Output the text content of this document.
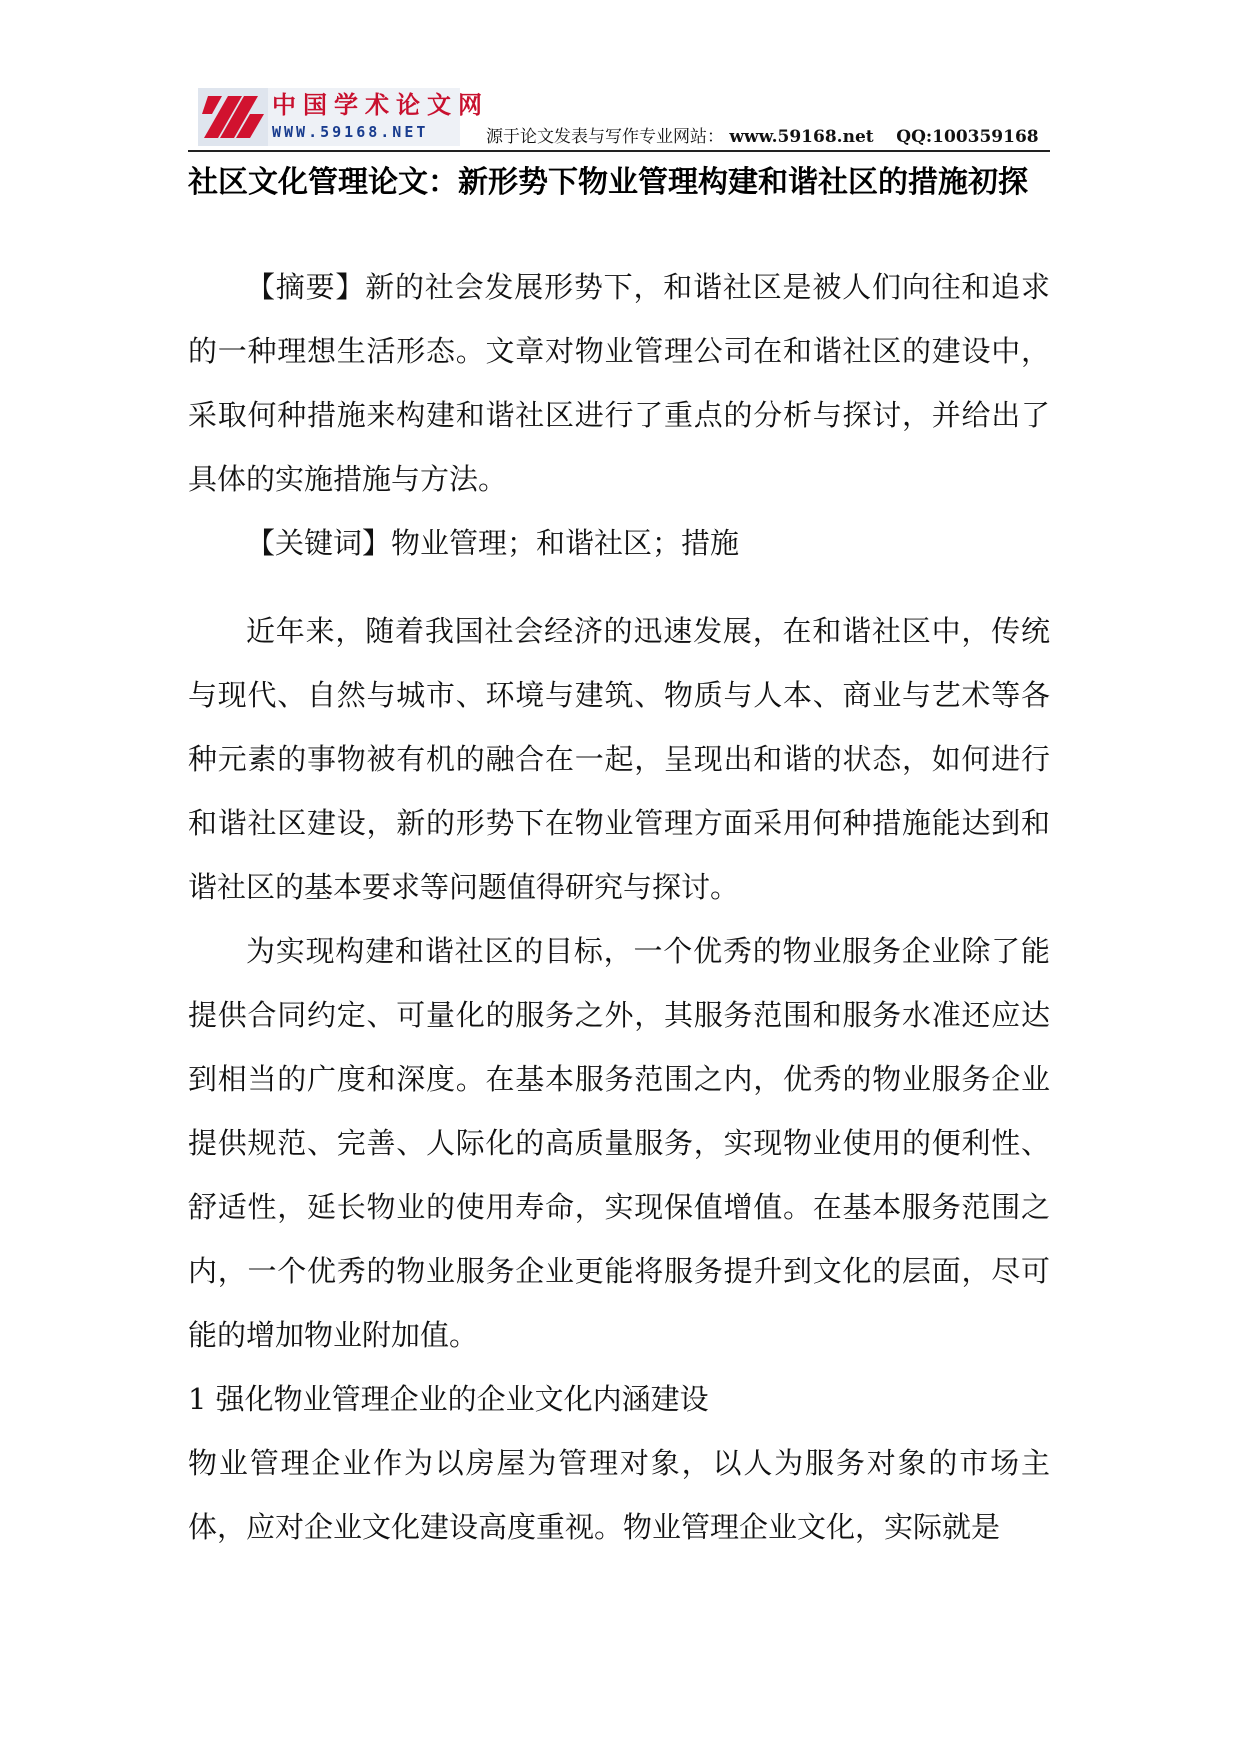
中国学术论文网
WWW.59168.NET	源于论文发表与写作专业网站： www.59168.net QQ:100359168
社区文化管理论文：新形势下物业管理构建和谐社区的措施初探

【摘要】新的社会发展形势下，和谐社区是被人们向往和追求的一种理想生活形态。文章对物业管理公司在和谐社区的建设中，采取何种措施来构建和谐社区进行了重点的分析与探讨，并给出了具体的实施措施与方法。

【关键词】物业管理；和谐社区；措施

近年来，随着我国社会经济的迅速发展，在和谐社区中，传统与现代、自然与城市、环境与建筑、物质与人本、商业与艺术等各种元素的事物被有机的融合在一起，呈现出和谐的状态，如何进行和谐社区建设，新的形势下在物业管理方面采用何种措施能达到和谐社区的基本要求等问题值得研究与探讨。

为实现构建和谐社区的目标，一个优秀的物业服务企业除了能提供合同约定、可量化的服务之外，其服务范围和服务水准还应达到相当的广度和深度。在基本服务范围之内，优秀的物业服务企业提供规范、完善、人际化的高质量服务，实现物业使用的便利性、舒适性，延长物业的使用寿命，实现保值增值。在基本服务范围之内，一个优秀的物业服务企业更能将服务提升到文化的层面，尽可能的增加物业附加值。

1 强化物业管理企业的企业文化内涵建设

物业管理企业作为以房屋为管理对象，以人为服务对象的市场主体，应对企业文化建设高度重视。物业管理企业文化，实际就是
